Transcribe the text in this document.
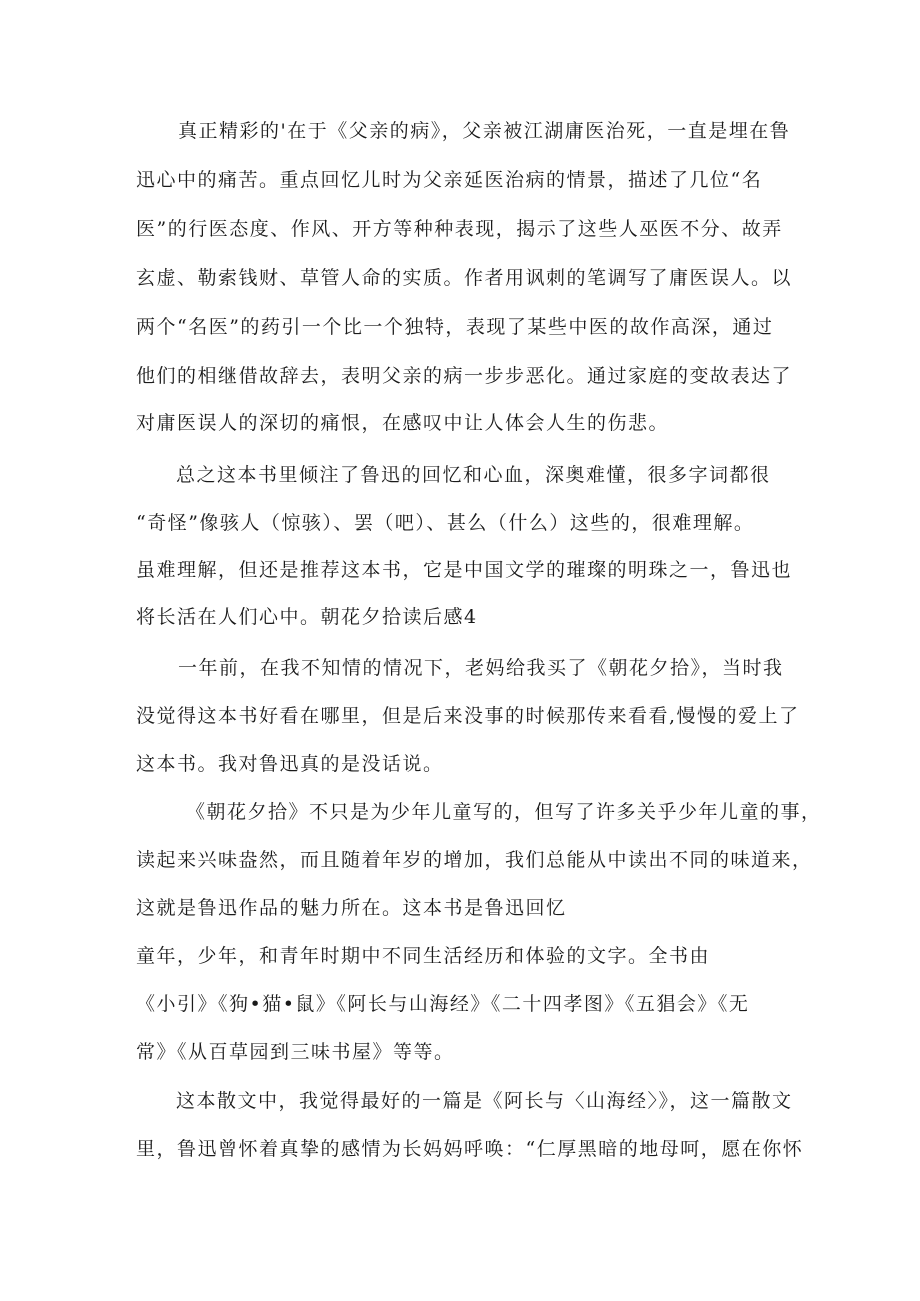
真正精彩的'在于《父亲的病》，父亲被江湖庸医治死，一直是埋在鲁
迅心中的痛苦。重点回忆儿时为父亲延医治病的情景，描述了几位“名
医”的行医态度、作风、开方等种种表现，揭示了这些人巫医不分、故弄
玄虚、勒索钱财、草管人命的实质。作者用讽刺的笔调写了庸医误人。以
两个“名医”的药引一个比一个独特，表现了某些中医的故作高深，通过
他们的相继借故辞去，表明父亲的病一步步恶化。通过家庭的变故表达了
对庸医误人的深切的痛恨，在感叹中让人体会人生的伤悲。
总之这本书里倾注了鲁迅的回忆和心血，深奥难懂，很多字词都很
“奇怪”像骇人（惊骇）、罢（吧）、甚么（什么）这些的，很难理解。
虽难理解，但还是推荐这本书，它是中国文学的璀璨的明珠之一，鲁迅也
将长活在人们心中。朝花夕拾读后感4
一年前，在我不知情的情况下，老妈给我买了《朝花夕拾》，当时我
没觉得这本书好看在哪里，但是后来没事的时候那传来看看,慢慢的爱上了
这本书。我对鲁迅真的是没话说。
《朝花夕拾》不只是为少年儿童写的，但写了许多关乎少年儿童的事，
读起来兴味盎然，而且随着年岁的增加，我们总能从中读出不同的味道来，
这就是鲁迅作品的魅力所在。这本书是鲁迅回忆
童年，少年，和青年时期中不同生活经历和体验的文字。全书由
《小引》《狗•猫•鼠》《阿长与山海经》《二十四孝图》《五猖会》《无
常》《从百草园到三味书屋》等等。
这本散文中，我觉得最好的一篇是《阿长与〈山海经〉》，这一篇散文
里，鲁迅曾怀着真挚的感情为长妈妈呼唤：“仁厚黑暗的地母呵，愿在你怀
